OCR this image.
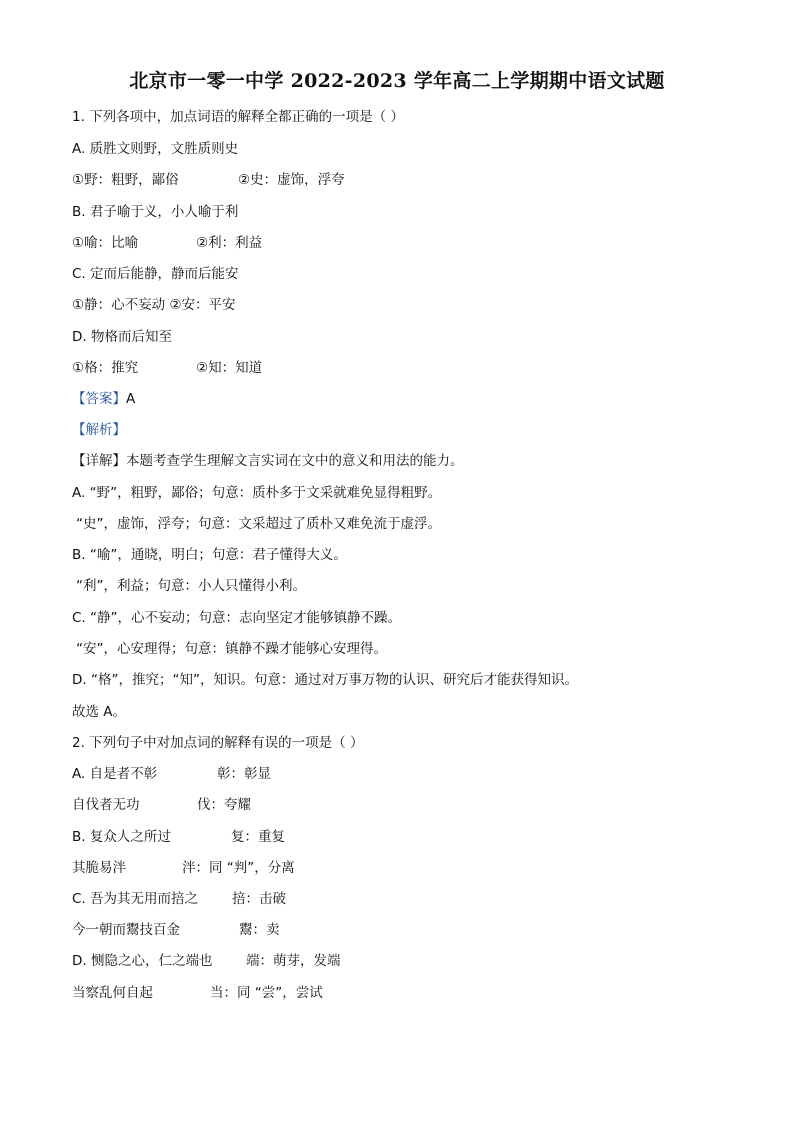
北京市一零一中学 2022-2023 学年高二上学期期中语文试题
1. 下列各项中，加点词语的解释全都正确的一项是（ ）
A. 质胜文则野，文胜质则史
①野：粗野，鄙俗	②史：虚饰，浮夸
B. 君子喻于义，小人喻于利
①喻：比喻	②利：利益
C. 定而后能静，静而后能安
①静：心不妄动 ②安：平安
D. 物格而后知至
①格：推究	②知：知道
【答案】A
【解析】
【详解】本题考查学生理解文言实词在文中的意义和用法的能力。
A. “野”，粗野，鄙俗；句意：质朴多于文采就难免显得粗野。
“史”，虚饰，浮夸；句意：文采超过了质朴又难免流于虚浮。
B. “喻”，通晓，明白；句意：君子懂得大义。
“利”，利益；句意：小人只懂得小利。
C. “静”，心不妄动；句意：志向坚定才能够镇静不躁。
“安”，心安理得；句意：镇静不躁才能够心安理得。
D. “格”，推究；“知”，知识。句意：通过对万事万物的认识、研究后才能获得知识。
故选 A。
2. 下列句子中对加点词的解释有误的一项是（ ）
A. 自是者不彰	彰：彰显
自伐者无功	伐：夸耀
B. 复众人之所过	复：重复
其脆易泮	泮：同 “判”，分离
C. 吾为其无用而掊之	掊：击破
今一朝而鬻技百金	鬻：卖
D. 恻隐之心，仁之端也 端：萌芽，发端
当察乱何自起	当：同 “尝”，尝试
